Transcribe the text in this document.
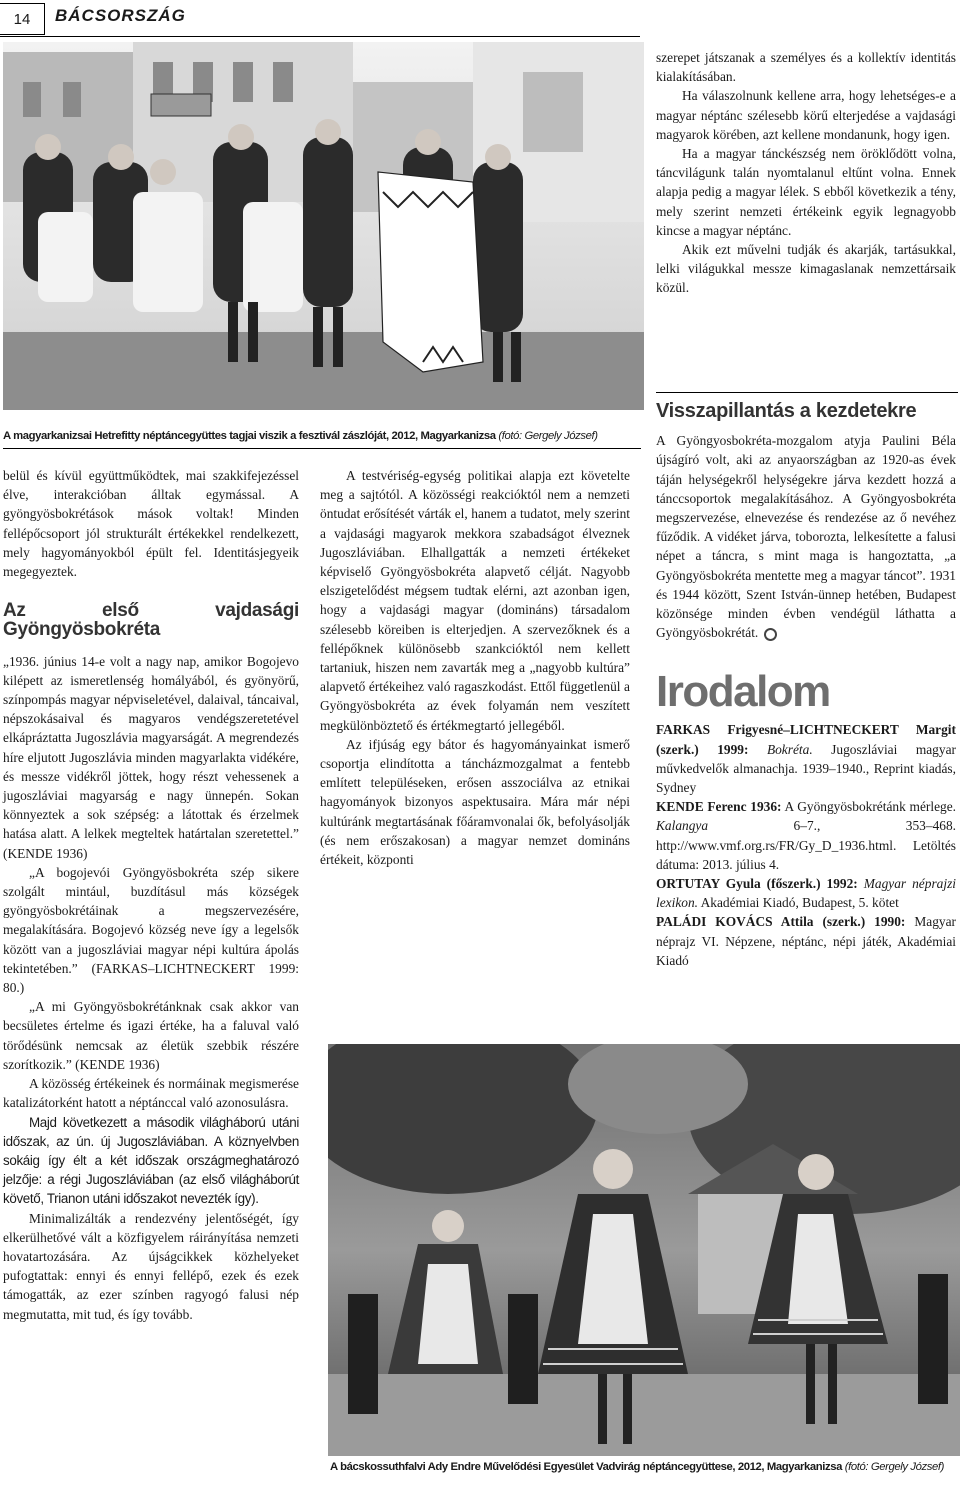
14	BÁCSORSZÁG
A magyarkanizsai Hetrefitty néptáncegyüttes tagjai viszik a fesztivál zászlóját, 2012, Magyarkanizsa (fotó: Gergely József)

szerepet játszanak a személyes és a kollektív identitás kialakításában.

Ha válaszolnunk kellene arra, hogy lehetséges-e a magyar néptánc szélesebb körű elterjedése a vajdasági magyarok körében, azt kellene mondanunk, hogy igen.

Ha a magyar tánckészség nem öröklődött volna, táncvilágunk talán nyomtalanul eltűnt volna. Ennek alapja pedig a magyar lélek. S ebből következik a tény, mely szerint nemzeti értékeink egyik legnagyobb kincse a magyar néptánc.

Akik ezt művelni tudják és akarják, tartásukkal, lelki világukkal messze kimagaslanak nemzettársaik közül.

belül és kívül együttműködtek, mai szakkifejezéssel élve, interakcióban álltak egymással. A gyöngyösbokrétások mások voltak! Minden fellépőcsoport jól strukturált értékekkel rendelkezett, mely hagyományokból épült fel. Identitásjegyeik megegyeztek.

Az első vajdasági Gyöngyösbokréta

„1936. június 14-e volt a nagy nap, amikor Bogojevo kilépett az ismeretlenség homályából, és gyönyörű, színpompás magyar népviseletével, dalaival, táncaival, népszokásaival és magyaros vendégszeretetével elkápráztatta Jugoszlávia magyarságát. A megrendezés híre eljutott Jugoszlávia minden magyarlakta vidékére, és messze vidékről jöttek, hogy részt vehessenek a jugoszláviai magyarság e nagy ünnepén. Sokan könnyeztek a sok szépség: a látottak és érzelmek hatása alatt. A lelkek megteltek határtalan szeretettel.” (KENDE 1936)

„A bogojevói Gyöngyösbokréta szép sikere szolgált mintául, buzdításul más községek gyöngyösbokrétáinak a megszervezésére, megalakítására. Bogojevó község neve így a legelsők között van a jugoszláviai magyar népi kultúra ápolás tekintetében.” (FARKAS–LICHTNECKERT 1999: 80.)

„A mi Gyöngyösbokrétánknak csak akkor van becsületes értelme és igazi értéke, ha a faluval való törődésünk nemcsak az életük szebbik részére szorítkozik.” (KENDE 1936)

A közösség értékeinek és normáinak megismerése katalizátorként hatott a néptánccal való azonosulásra.

Majd következett a második világháború utáni időszak, az ún. új Jugoszláviában. A köznyelvben sokáig így élt a két időszak országmeghatározó jelzője: a régi Jugoszláviában (az első világháborút követő, Trianon utáni időszakot nevezték így).

Minimalizálták a rendezvény jelentőségét, így elkerülhetővé vált a közfigyelem ráirányítása nemzeti hovatartozására. Az újságcikkek közhelyeket pufogtattak: ennyi és ennyi fellépő, ezek és ezek támogatták, az ezer színben ragyogó falusi nép megmutatta, mit tud, és így tovább.

A testvériség-egység politikai alapja ezt követelte meg a sajtótól. A közösségi reakcióktól nem a nemzeti öntudat erősítését várták el, hanem a tudatot, mely szerint a vajdasági magyarok mekkora szabadságot élveznek Jugoszláviában. Elhallgatták a nemzeti értékeket képviselő Gyöngyösbokréta alapvető célját. Nagyobb elszigetelődést mégsem tudtak elérni, azt azonban igen, hogy a vajdasági magyar (domináns) társadalom szélesebb köreiben is elterjedjen. A szervezőknek és a fellépőknek különösebb szankcióktól nem kellett tartaniuk, hiszen nem zavarták meg a „nagyobb kultúra” alapvető értékeihez való ragaszkodást. Ettől függetlenül a Gyöngyösbokréta az évek folyamán nem veszített megkülönböztető és értékmegtartó jellegéből.

Az ifjúság egy bátor és hagyományainkat ismerő csoportja elindította a táncházmozgalmat a fentebb említett településeken, erősen asszociálva az etnikai hagyományok bizonyos aspektusaira. Mára már népi kultúránk megtartásának főáramvonalai ők, befolyásolják (és nem erőszakosan) a magyar nemzet domináns értékeit, központi

Visszapillantás a kezdetekre

A Gyöngyosbokréta-mozgalom atyja Paulini Béla újságíró volt, aki az anyaországban az 1920-as évek táján helységekről helységekre járva kezdett hozzá a tánccsoportok megalakításához. A Gyöngyosbokréta megszervezése, elnevezése és rendezése az ő nevéhez fűződik. A vidéket járva, toborozta, lelkesítette a falusi népet a táncra, s mint maga is hangoztatta, „a Gyöngyösbokréta mentette meg a magyar táncot”. 1931 és 1944 között, Szent István-ünnep hetében, Budapest közönsége minden évben vendégül láthatta a Gyöngyösbokrétát.

Irodalom

FARKAS Frigyesné–LICHTNECKERT Margit (szerk.) 1999: Bokréta. Jugoszláviai magyar művkedvelők almanachja. 1939–1940., Reprint kiadás, Sydney

KENDE Ferenc 1936: A Gyöngyösbokrétánk mérlege. Kalangya	6–7., 353–468. http://www.vmf.org.rs/FR/Gy_D_1936.html. Letöltés dátuma: 2013. július 4.

ORTUTAY Gyula (főszerk.) 1992: Magyar néprajzi lexikon. Akadémiai Kiadó, Budapest, 5. kötet

PALÁDI KOVÁCS Attila (szerk.) 1990: Magyar néprajz VI. Népzene, néptánc, népi játék, Akadémiai Kiadó

A bácskossuthfalvi Ady Endre Művelődési Egyesület Vadvirág néptáncegyüttese, 2012, Magyarkanizsa (fotó: Gergely József)
